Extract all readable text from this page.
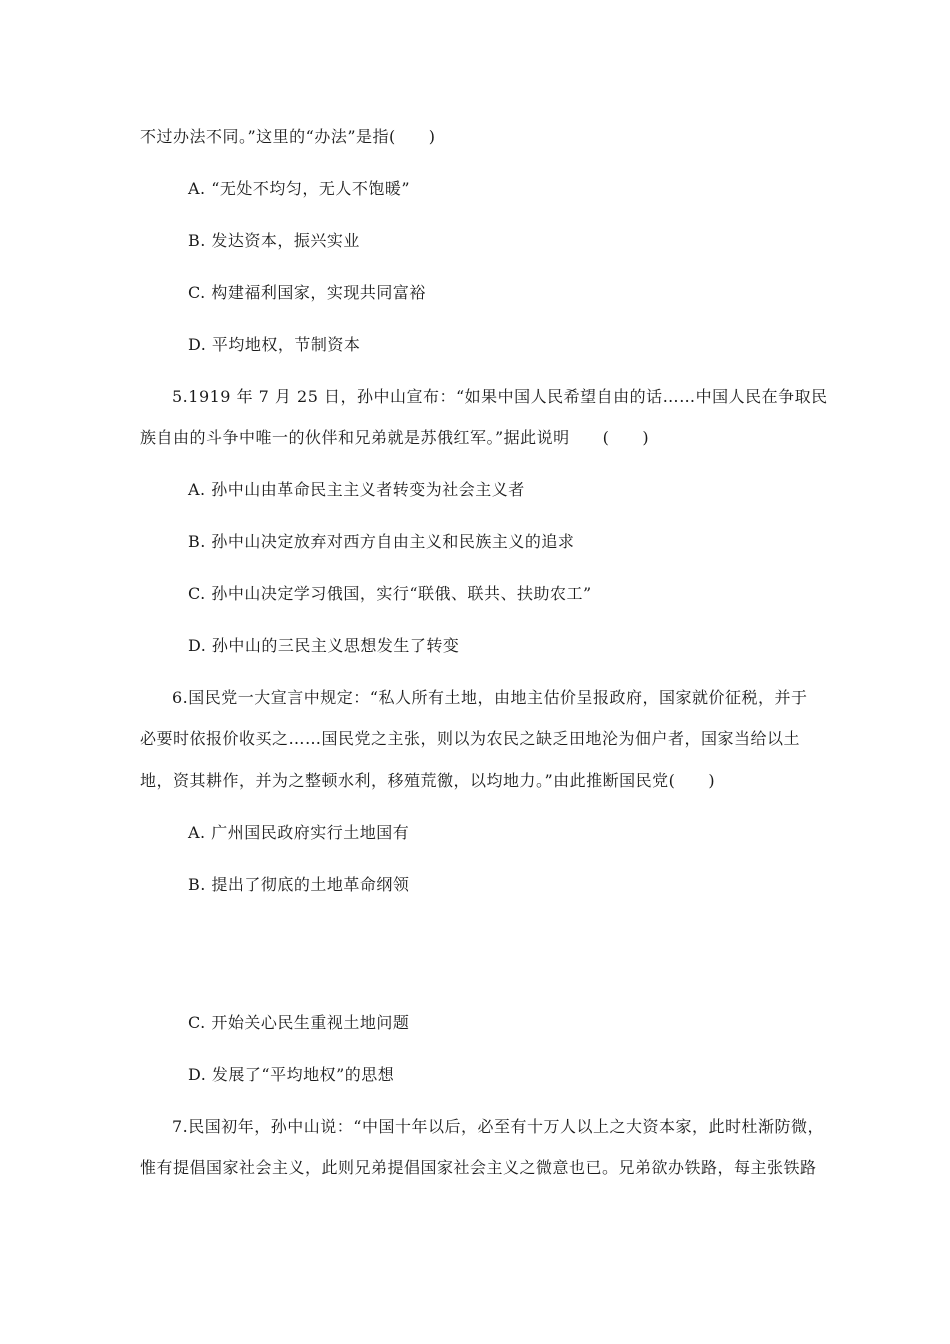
不过办法不同。”这里的“办法”是指(　　)
A. “无处不均匀，无人不饱暖”
B. 发达资本，振兴实业
C. 构建福利国家，实现共同富裕
D. 平均地权，节制资本
5.1919 年 7 月 25 日，孙中山宣布：“如果中国人民希望自由的话……中国人民在争取民
族自由的斗争中唯一的伙伴和兄弟就是苏俄红军。”据此说明　　(　　)
A. 孙中山由革命民主主义者转变为社会主义者
B. 孙中山决定放弃对西方自由主义和民族主义的追求
C. 孙中山决定学习俄国，实行“联俄、联共、扶助农工”
D. 孙中山的三民主义思想发生了转变
6.国民党一大宣言中规定：“私人所有土地，由地主估价呈报政府，国家就价征税，并于
必要时依报价收买之……国民党之主张，则以为农民之缺乏田地沦为佃户者，国家当给以土
地，资其耕作，并为之整顿水利，移殖荒徼，以均地力。”由此推断国民党(　　)
A. 广州国民政府实行土地国有
B. 提出了彻底的土地革命纲领
C. 开始关心民生重视土地问题
D. 发展了“平均地权”的思想
7.民国初年，孙中山说：“中国十年以后，必至有十万人以上之大资本家，此时杜渐防微，
惟有提倡国家社会主义，此则兄弟提倡国家社会主义之微意也已。兄弟欲办铁路，每主张铁路
